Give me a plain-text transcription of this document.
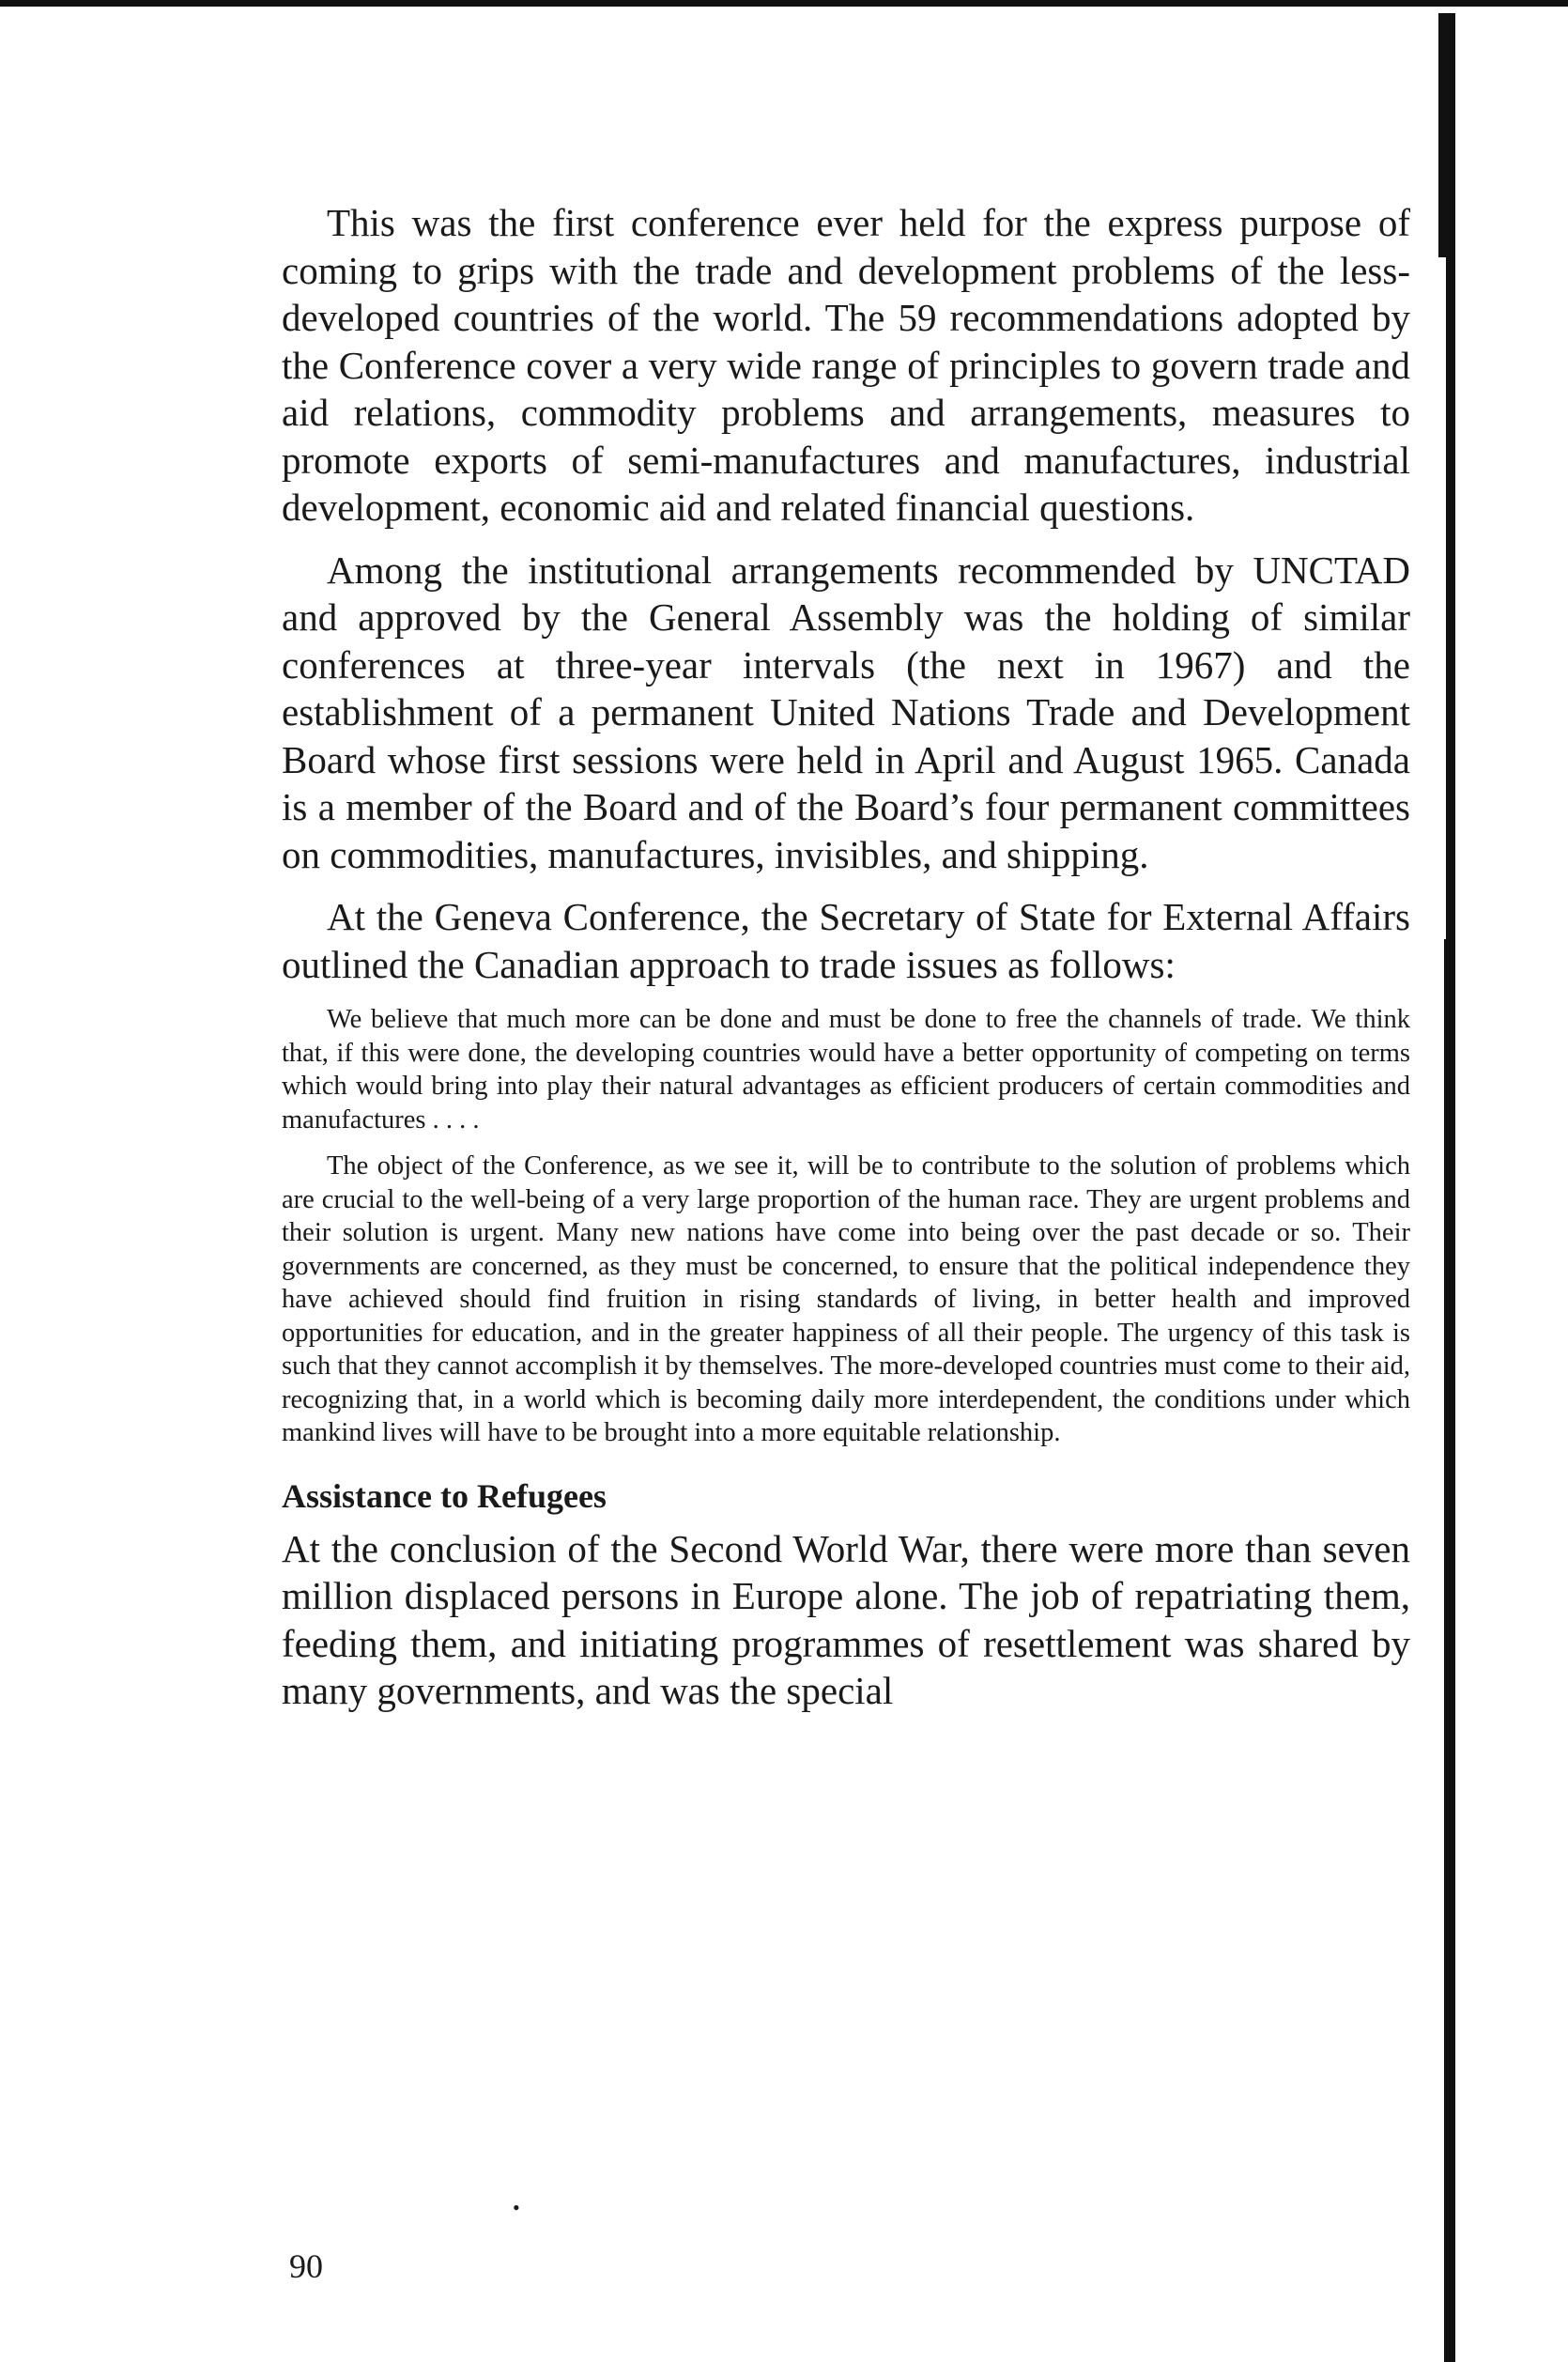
This was the first conference ever held for the express purpose of coming to grips with the trade and development problems of the less-developed countries of the world. The 59 recommendations adopted by the Conference cover a very wide range of principles to govern trade and aid relations, commodity problems and arrangements, measures to promote exports of semi-manufactures and manufactures, industrial development, economic aid and related financial questions.

Among the institutional arrangements recommended by UNCTAD and approved by the General Assembly was the holding of similar conferences at three-year intervals (the next in 1967) and the establishment of a permanent United Nations Trade and Development Board whose first sessions were held in April and August 1965. Canada is a member of the Board and of the Board’s four permanent committees on commodities, manufactures, invisibles, and shipping.

At the Geneva Conference, the Secretary of State for External Affairs outlined the Canadian approach to trade issues as follows:

We believe that much more can be done and must be done to free the channels of trade. We think that, if this were done, the developing countries would have a better opportunity of competing on terms which would bring into play their natural advantages as efficient producers of certain commodities and manufactures . . . .

The object of the Conference, as we see it, will be to contribute to the solution of problems which are crucial to the well-being of a very large proportion of the human race. They are urgent problems and their solution is urgent. Many new nations have come into being over the past decade or so. Their governments are concerned, as they must be concerned, to ensure that the political independence they have achieved should find fruition in rising standards of living, in better health and improved opportunities for education, and in the greater happiness of all their people. The urgency of this task is such that they cannot accomplish it by themselves. The more-developed countries must come to their aid, recognizing that, in a world which is becoming daily more interdependent, the conditions under which mankind lives will have to be brought into a more equitable relationship.

Assistance to Refugees

At the conclusion of the Second World War, there were more than seven million displaced persons in Europe alone. The job of repatriating them, feeding them, and initiating programmes of resettlement was shared by many governments, and was the special

•
90
